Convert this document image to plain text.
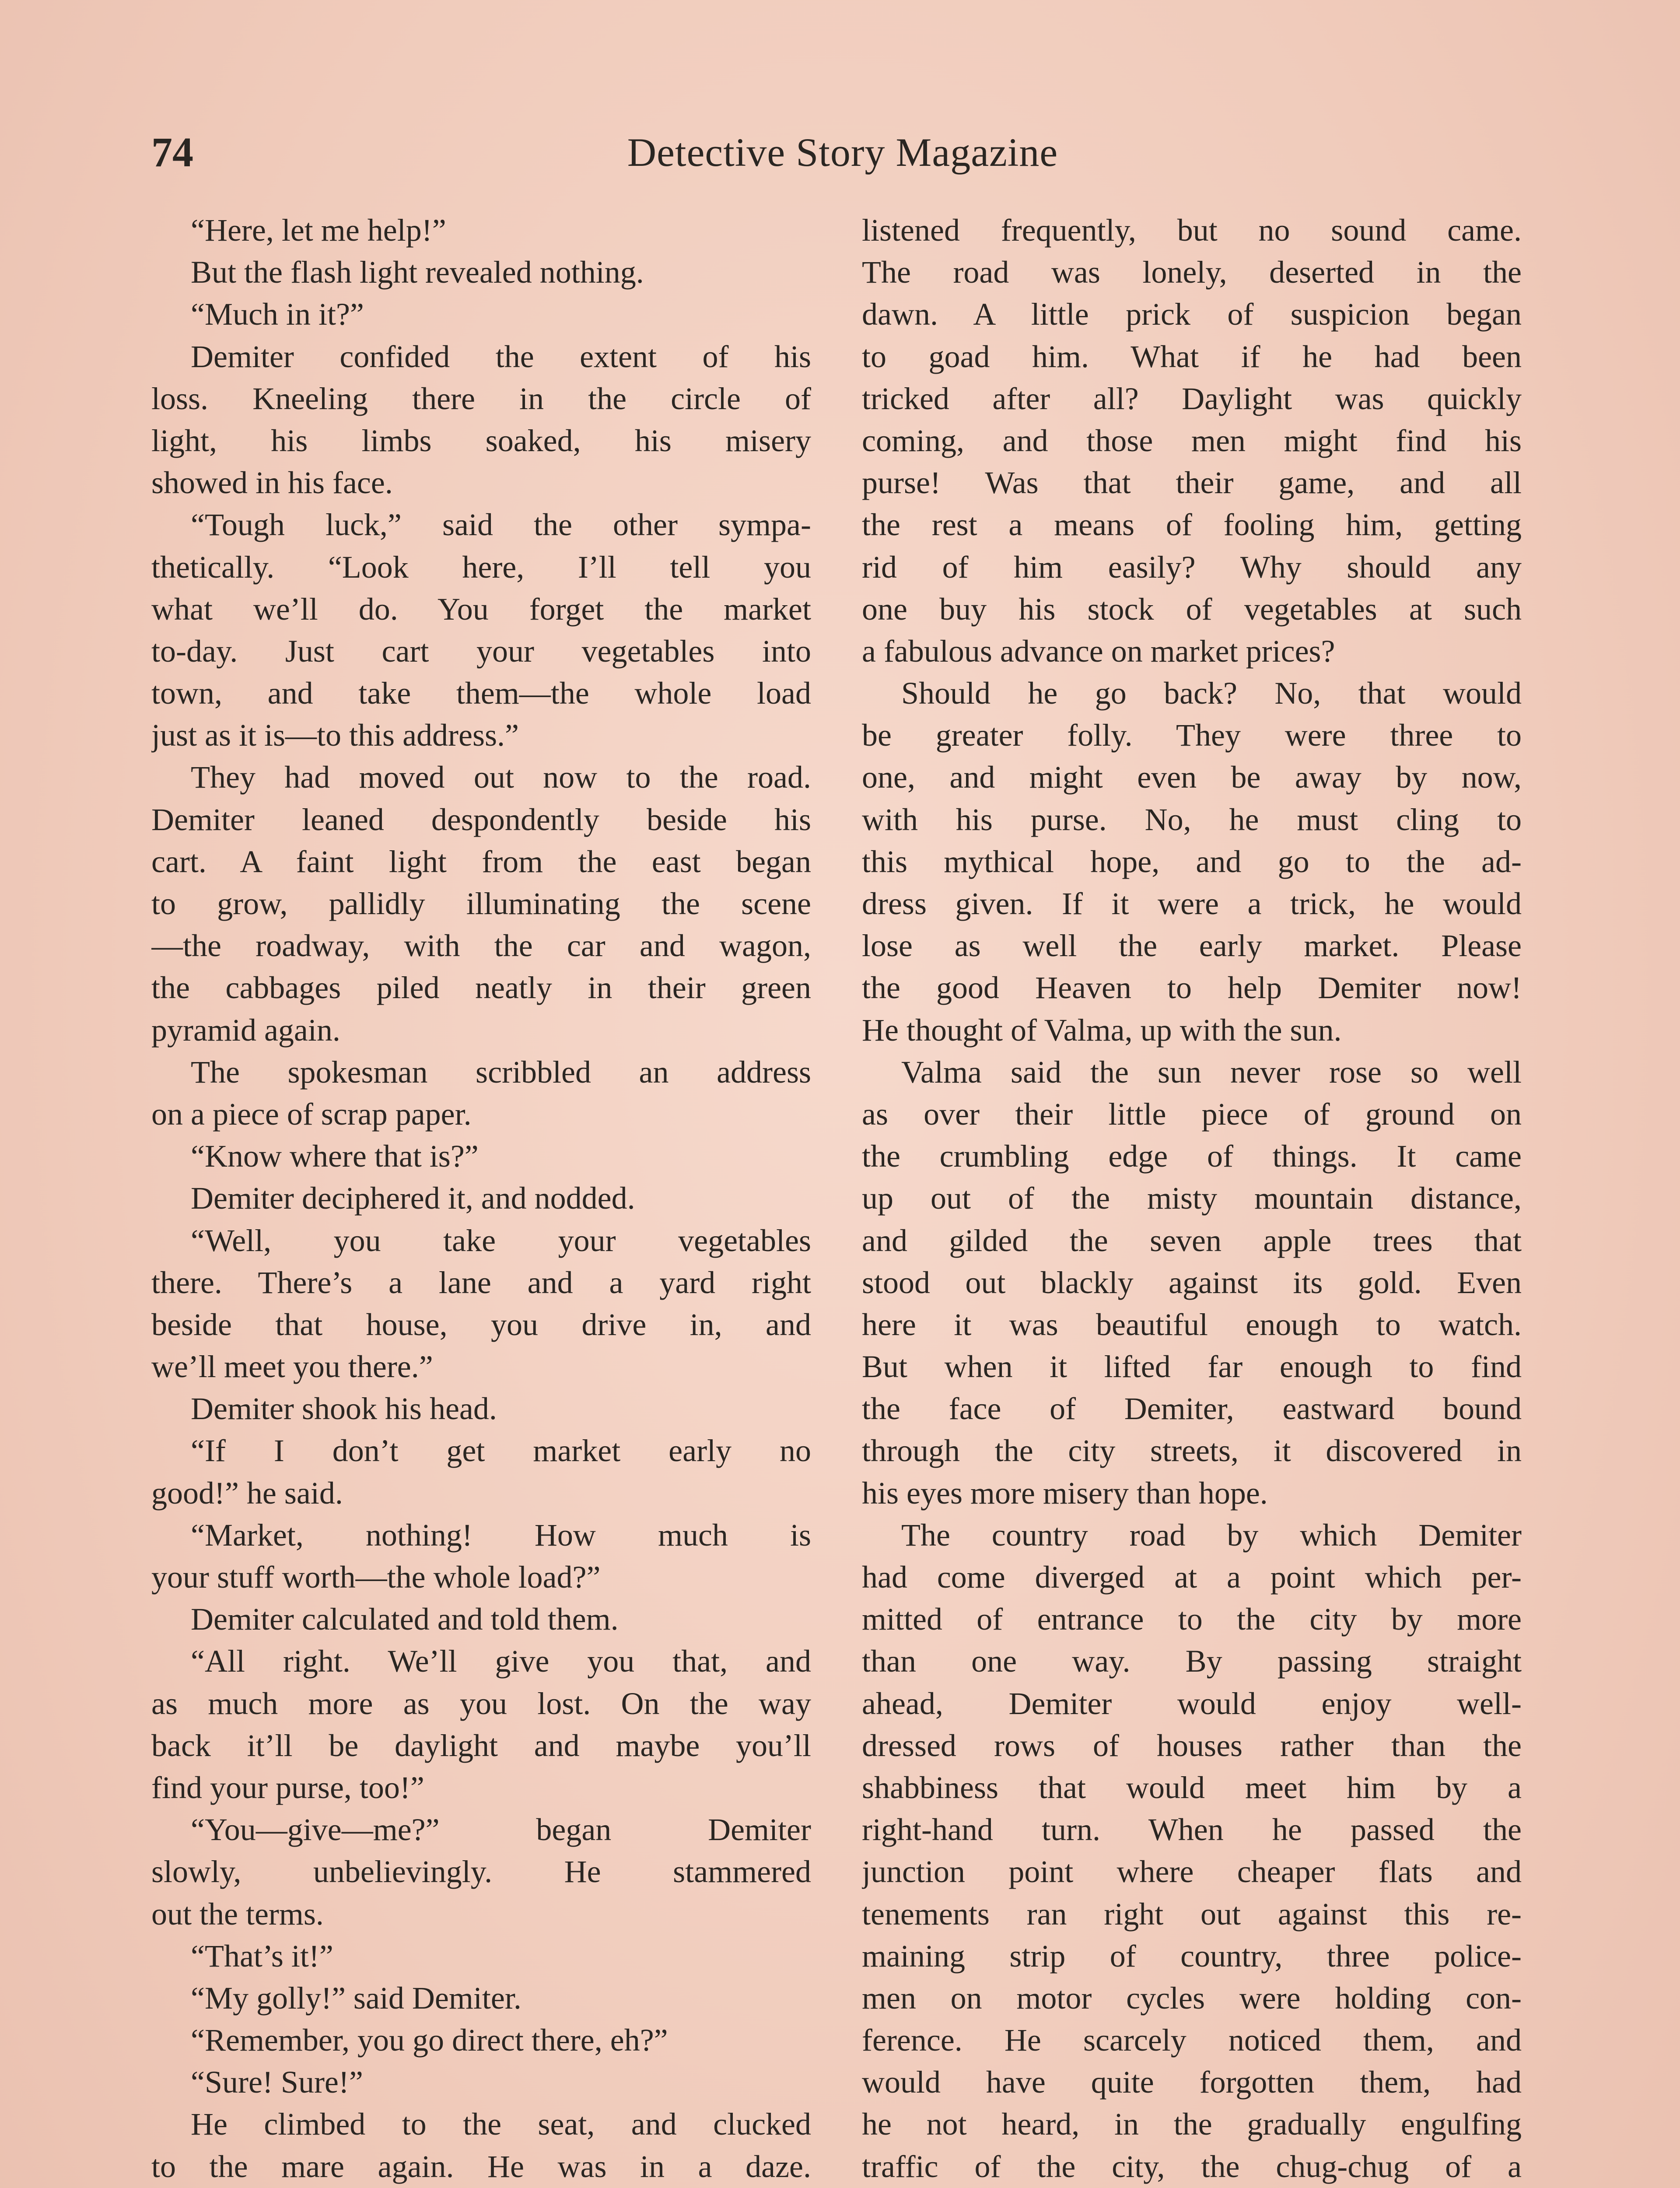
74	Detective Story Magazine
“Here, let me help!”
But the flash light revealed nothing.
“Much in it?”
Demiter confided the extent of his
loss. Kneeling there in the circle of
light, his limbs soaked, his misery
showed in his face.
“Tough luck,” said the other sympa-
thetically. “Look here, I’ll tell you
what we’ll do. You forget the market
to-day. Just cart your vegetables into
town, and take them—the whole load
just as it is—to this address.”
They had moved out now to the road.
Demiter leaned despondently beside his
cart. A faint light from the east began
to grow, pallidly illuminating the scene
—the roadway, with the car and wagon,
the cabbages piled neatly in their green
pyramid again.
The spokesman scribbled an address
on a piece of scrap paper.
“Know where that is?”
Demiter deciphered it, and nodded.
“Well, you take your vegetables
there. There’s a lane and a yard right
beside that house, you drive in, and
we’ll meet you there.”
Demiter shook his head.
“If I don’t get market early no
good!” he said.
“Market, nothing! How much is
your stuff worth—the whole load?”
Demiter calculated and told them.
“All right. We’ll give you that, and
as much more as you lost. On the way
back it’ll be daylight and maybe you’ll
find your purse, too!”
“You—give—me?” began Demiter
slowly, unbelievingly. He stammered
out the terms.
“That’s it!”
“My golly!” said Demiter.
“Remember, you go direct there, eh?”
“Sure! Sure!”
He climbed to the seat, and clucked
to the mare again. He was in a daze.
listened frequently, but no sound came.
The road was lonely, deserted in the
dawn. A little prick of suspicion began
to goad him. What if he had been
tricked after all? Daylight was quickly
coming, and those men might find his
purse! Was that their game, and all
the rest a means of fooling him, getting
rid of him easily? Why should any
one buy his stock of vegetables at such
a fabulous advance on market prices?
Should he go back? No, that would
be greater folly. They were three to
one, and might even be away by now,
with his purse. No, he must cling to
this mythical hope, and go to the ad-
dress given. If it were a trick, he would
lose as well the early market. Please
the good Heaven to help Demiter now!
He thought of Valma, up with the sun.
Valma said the sun never rose so well
as over their little piece of ground on
the crumbling edge of things. It came
up out of the misty mountain distance,
and gilded the seven apple trees that
stood out blackly against its gold. Even
here it was beautiful enough to watch.
But when it lifted far enough to find
the face of Demiter, eastward bound
through the city streets, it discovered in
his eyes more misery than hope.
The country road by which Demiter
had come diverged at a point which per-
mitted of entrance to the city by more
than one way. By passing straight
ahead, Demiter would enjoy well-
dressed rows of houses rather than the
shabbiness that would meet him by a
right-hand turn. When he passed the
junction point where cheaper flats and
tenements ran right out against this re-
maining strip of country, three police-
men on motor cycles were holding con-
ference. He scarcely noticed them, and
would have quite forgotten them, had
he not heard, in the gradually engulfing
traffic of the city, the chug-chug of a
